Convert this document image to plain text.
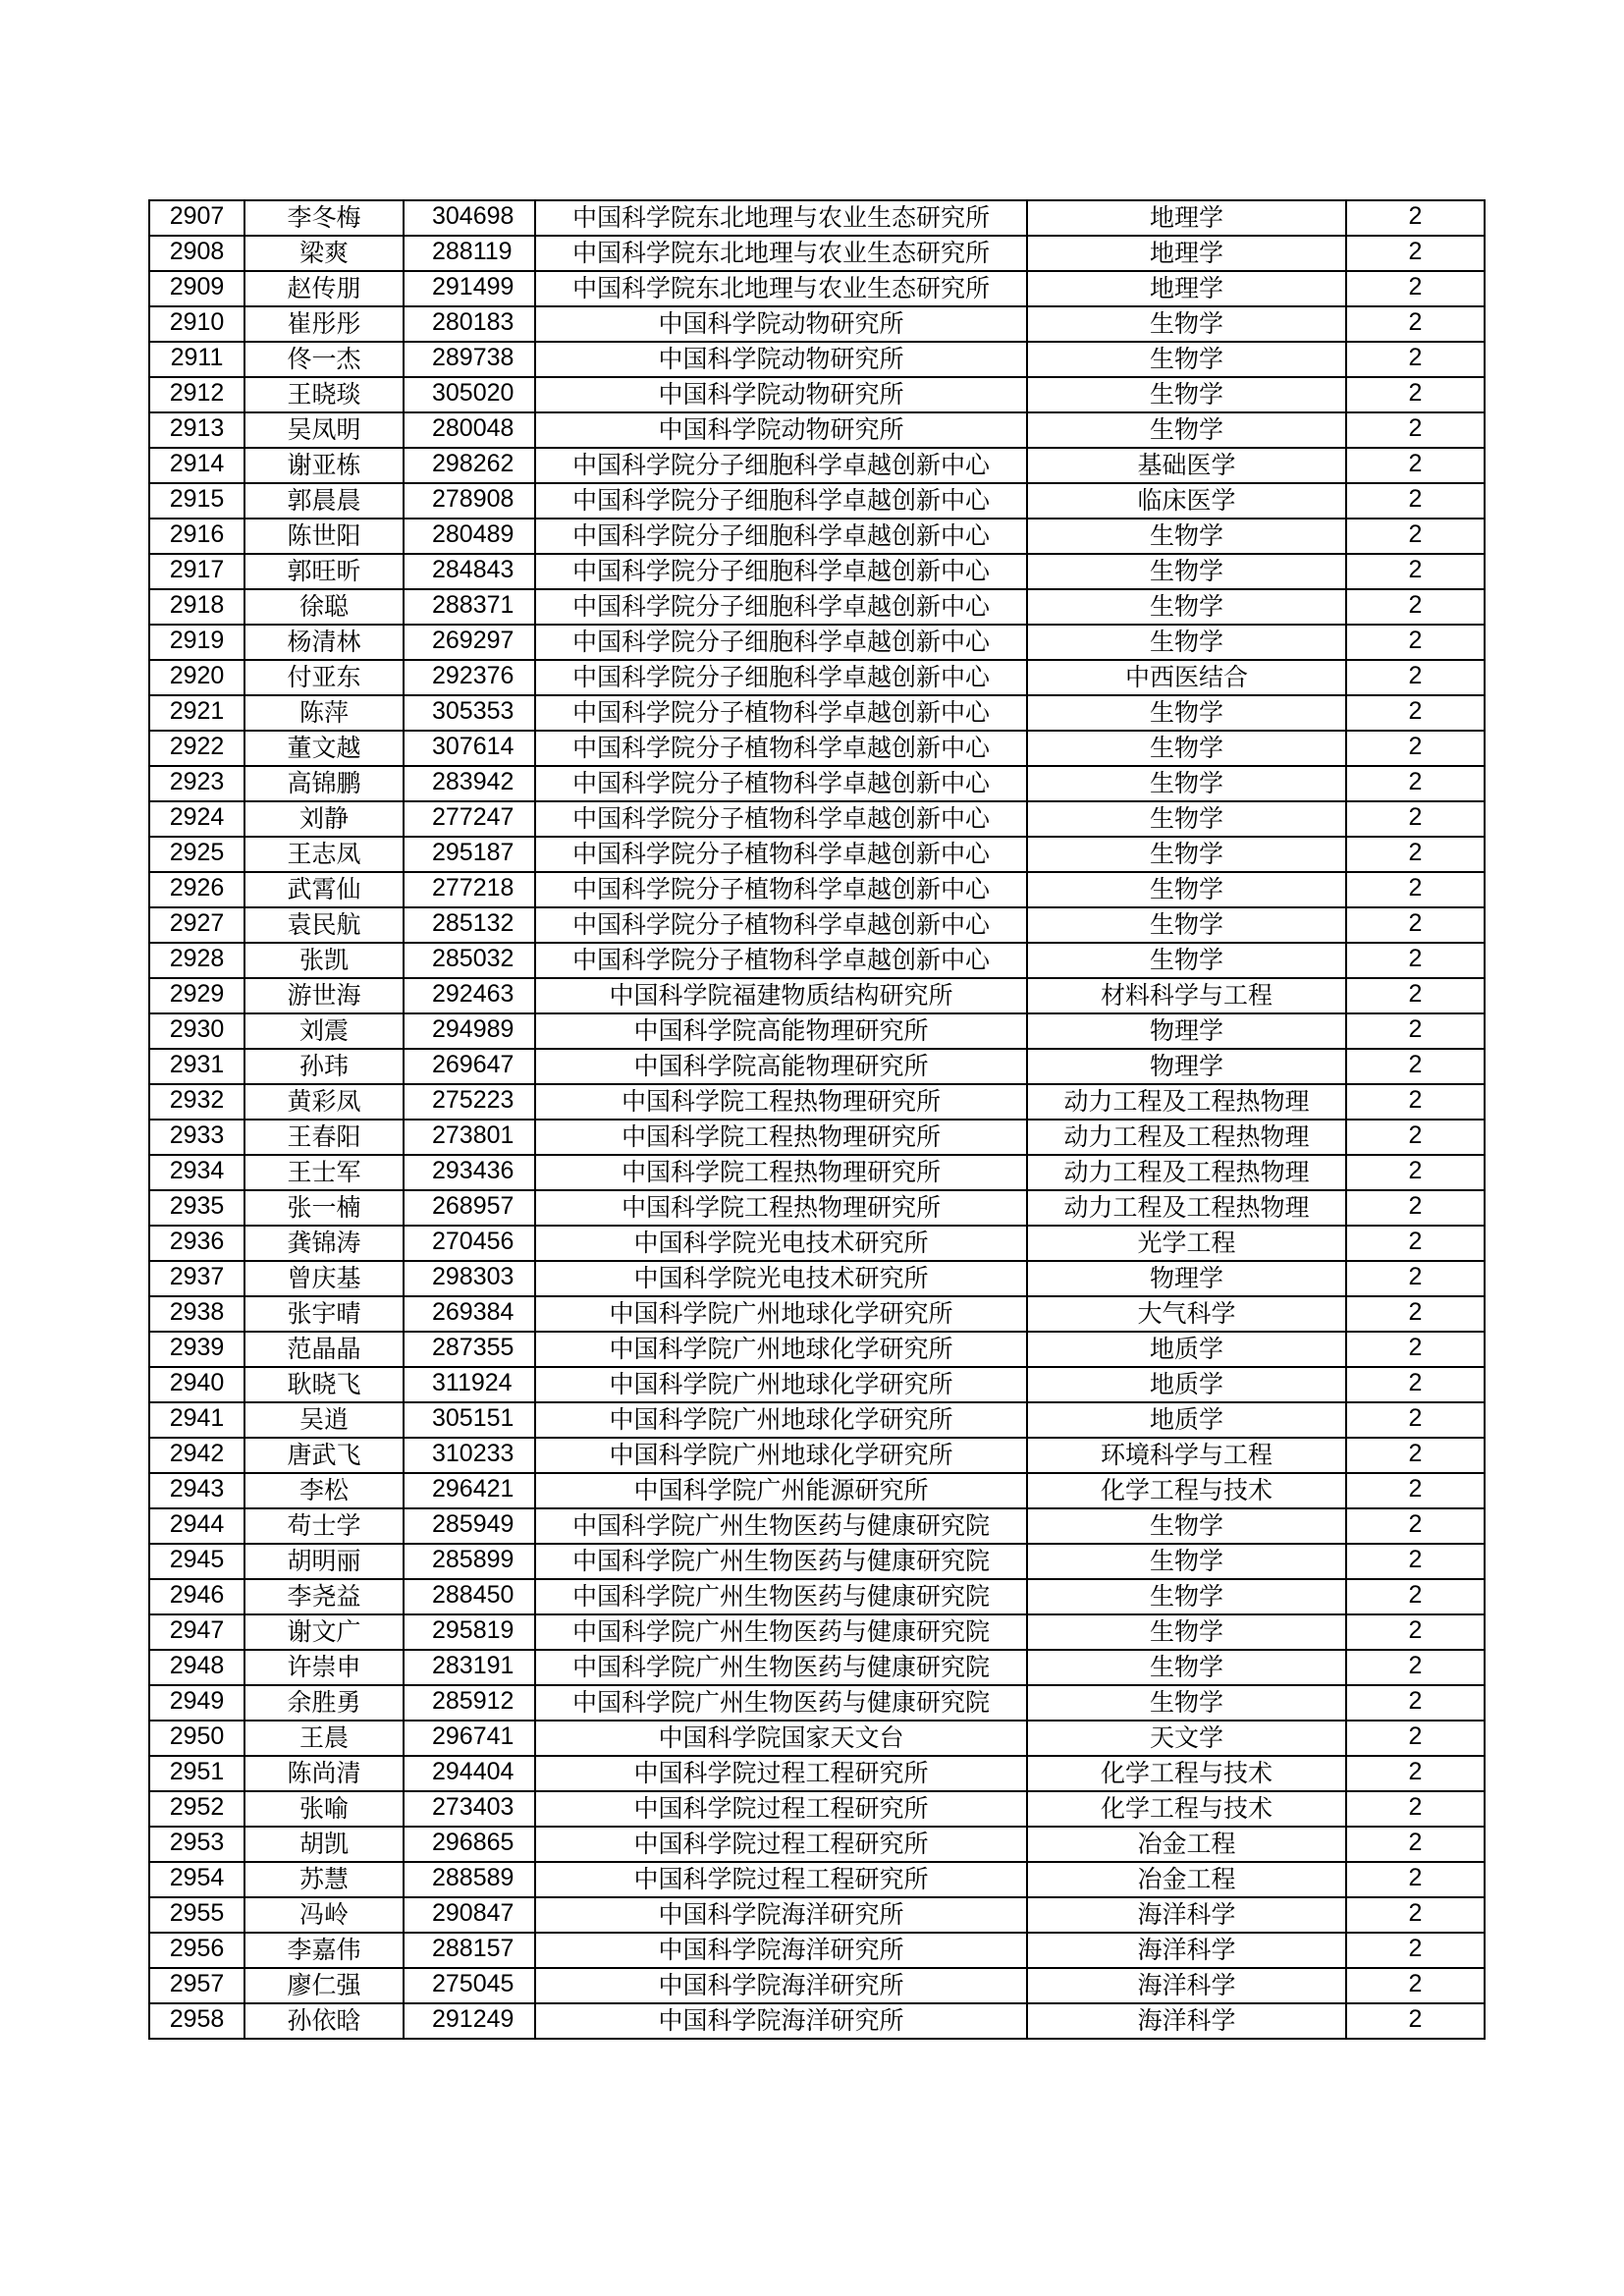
2907	李冬梅	304698	中国科学院东北地理与农业生态研究所	地理学	2
2908	梁爽	288119	中国科学院东北地理与农业生态研究所	地理学	2
2909	赵传朋	291499	中国科学院东北地理与农业生态研究所	地理学	2
2910	崔彤彤	280183	中国科学院动物研究所	生物学	2
2911	佟一杰	289738	中国科学院动物研究所	生物学	2
2912	王晓琰	305020	中国科学院动物研究所	生物学	2
2913	吴凤明	280048	中国科学院动物研究所	生物学	2
2914	谢亚栋	298262	中国科学院分子细胞科学卓越创新中心	基础医学	2
2915	郭晨晨	278908	中国科学院分子细胞科学卓越创新中心	临床医学	2
2916	陈世阳	280489	中国科学院分子细胞科学卓越创新中心	生物学	2
2917	郭旺昕	284843	中国科学院分子细胞科学卓越创新中心	生物学	2
2918	徐聪	288371	中国科学院分子细胞科学卓越创新中心	生物学	2
2919	杨清林	269297	中国科学院分子细胞科学卓越创新中心	生物学	2
2920	付亚东	292376	中国科学院分子细胞科学卓越创新中心	中西医结合	2
2921	陈萍	305353	中国科学院分子植物科学卓越创新中心	生物学	2
2922	董文越	307614	中国科学院分子植物科学卓越创新中心	生物学	2
2923	高锦鹏	283942	中国科学院分子植物科学卓越创新中心	生物学	2
2924	刘静	277247	中国科学院分子植物科学卓越创新中心	生物学	2
2925	王志凤	295187	中国科学院分子植物科学卓越创新中心	生物学	2
2926	武霄仙	277218	中国科学院分子植物科学卓越创新中心	生物学	2
2927	袁民航	285132	中国科学院分子植物科学卓越创新中心	生物学	2
2928	张凯	285032	中国科学院分子植物科学卓越创新中心	生物学	2
2929	游世海	292463	中国科学院福建物质结构研究所	材料科学与工程	2
2930	刘震	294989	中国科学院高能物理研究所	物理学	2
2931	孙玮	269647	中国科学院高能物理研究所	物理学	2
2932	黄彩凤	275223	中国科学院工程热物理研究所	动力工程及工程热物理	2
2933	王春阳	273801	中国科学院工程热物理研究所	动力工程及工程热物理	2
2934	王士军	293436	中国科学院工程热物理研究所	动力工程及工程热物理	2
2935	张一楠	268957	中国科学院工程热物理研究所	动力工程及工程热物理	2
2936	龚锦涛	270456	中国科学院光电技术研究所	光学工程	2
2937	曾庆基	298303	中国科学院光电技术研究所	物理学	2
2938	张宇晴	269384	中国科学院广州地球化学研究所	大气科学	2
2939	范晶晶	287355	中国科学院广州地球化学研究所	地质学	2
2940	耿晓飞	311924	中国科学院广州地球化学研究所	地质学	2
2941	吴逍	305151	中国科学院广州地球化学研究所	地质学	2
2942	唐武飞	310233	中国科学院广州地球化学研究所	环境科学与工程	2
2943	李松	296421	中国科学院广州能源研究所	化学工程与技术	2
2944	苟士学	285949	中国科学院广州生物医药与健康研究院	生物学	2
2945	胡明丽	285899	中国科学院广州生物医药与健康研究院	生物学	2
2946	李尧益	288450	中国科学院广州生物医药与健康研究院	生物学	2
2947	谢文广	295819	中国科学院广州生物医药与健康研究院	生物学	2
2948	许崇申	283191	中国科学院广州生物医药与健康研究院	生物学	2
2949	余胜勇	285912	中国科学院广州生物医药与健康研究院	生物学	2
2950	王晨	296741	中国科学院国家天文台	天文学	2
2951	陈尚清	294404	中国科学院过程工程研究所	化学工程与技术	2
2952	张喻	273403	中国科学院过程工程研究所	化学工程与技术	2
2953	胡凯	296865	中国科学院过程工程研究所	冶金工程	2
2954	苏慧	288589	中国科学院过程工程研究所	冶金工程	2
2955	冯岭	290847	中国科学院海洋研究所	海洋科学	2
2956	李嘉伟	288157	中国科学院海洋研究所	海洋科学	2
2957	廖仁强	275045	中国科学院海洋研究所	海洋科学	2
2958	孙依晗	291249	中国科学院海洋研究所	海洋科学	2
